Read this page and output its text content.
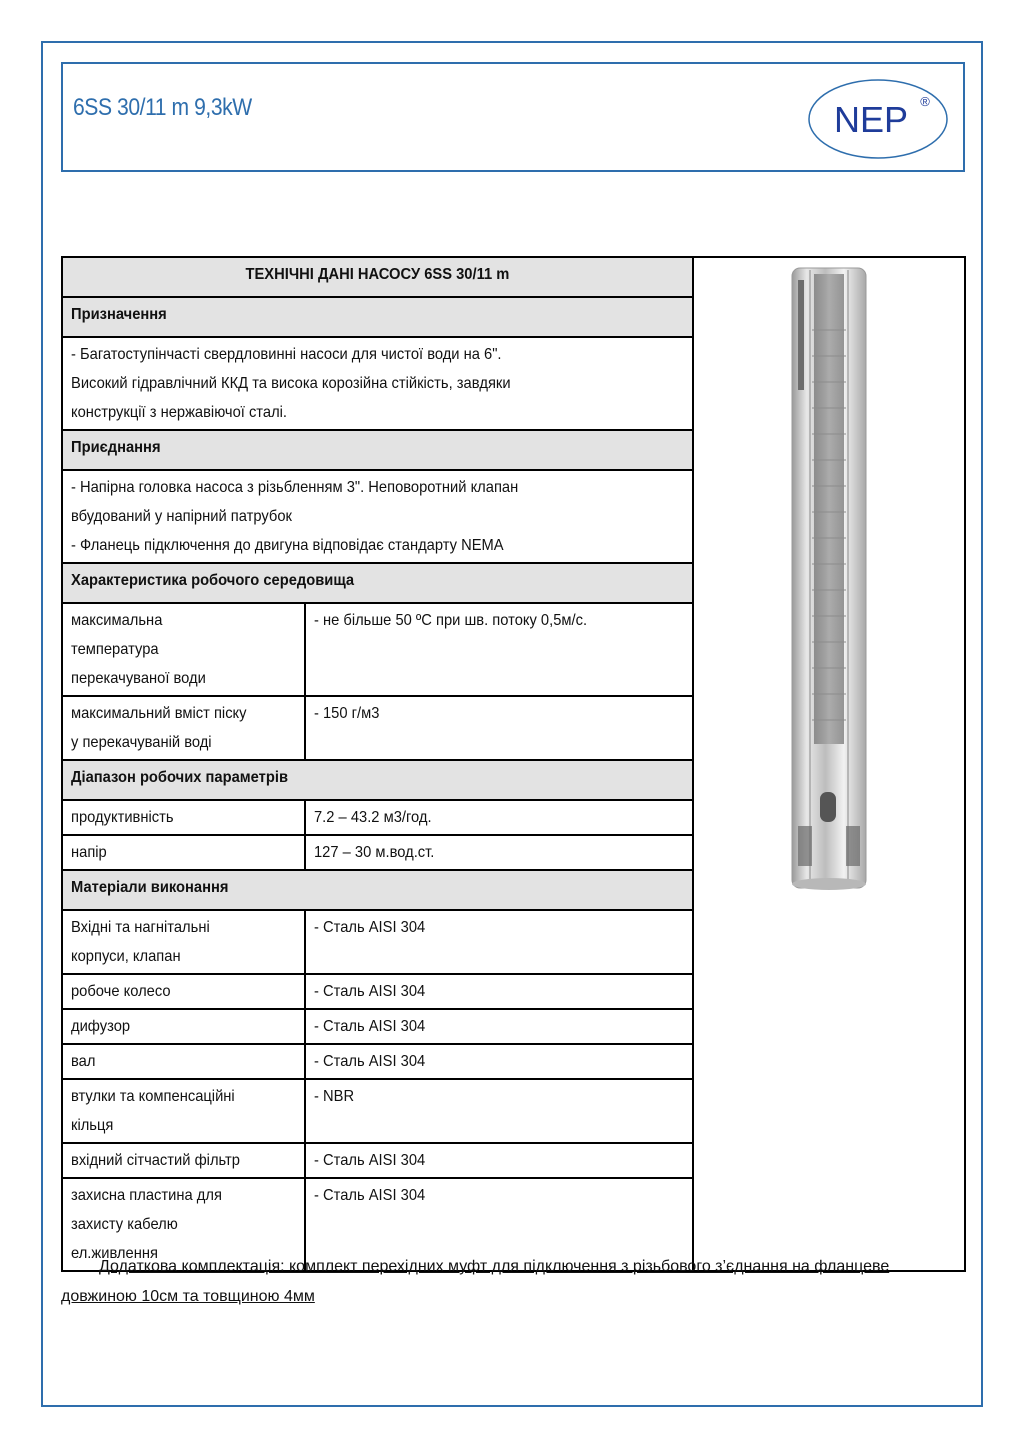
6SS 30/11 m 9,3kW	NEP ®
ТЕХНІЧНІ ДАНІ НАСОСУ 6SS 30/11 m	
Призначення		

- Багатоступінчасті свердловинні насоси для чистої води на 6".
Високий гідравлічний ККД та висока корозійна стійкість, завдяки
конструкції з нержавіючої сталі.		

Приєднання		

- Напірна головка насоса з різьбленням 3". Неповоротний клапан
вбудований у напірний патрубок
- Фланець підключення до двигуна відповідає стандарту NEMA		

Характеристика робочого середовища		

максимальна
температура
перекачуваної води	- не більше 50 ºС при шв. потоку 0,5м/с.	

максимальний вміст піску
у перекачуваній воді	- 150 г/м3	
Діапазон робочих параметрів		

продуктивність	7.2 – 43.2 м3/год.	

напір	127 – 30 м.вод.ст.	
Матеріали виконання		

Вхідні та нагнітальні
корпуси, клапан	- Сталь AISI 304	

робоче колесо	- Сталь AISI 304	

дифузор	- Сталь AISI 304	

вал	- Сталь AISI 304	

втулки та компенсаційні
кільця	- NBR	

вхідний сітчастий фільтр	- Сталь AISI 304	

захисна пластина для
захисту кабелю
ел.живлення	- Сталь AISI 304	
Додаткова комплектація: комплект перехідних муфт для підключення з різьбового з’єднання на фланцеве довжиною 10см та товщиною 4мм
